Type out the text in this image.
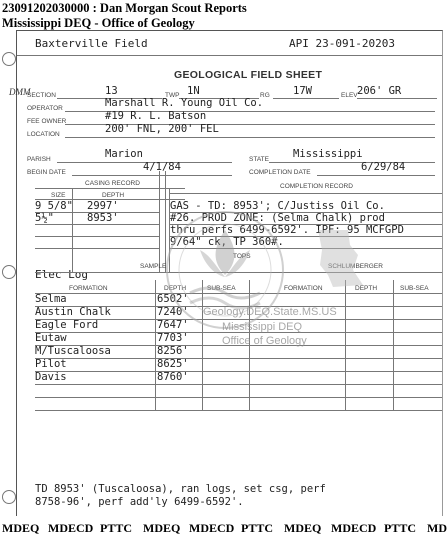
23091202030000 : Dan Morgan Scout Reports
Mississippi DEQ - Office of Geology
Baxterville Field	API 23-091-20203
DMM
GEOLOGICAL FIELD SHEET
SECTION	13	TWP 1N	RG 17W	ELEV 206' GR
OPERATOR	Marshall R. Young Oil Co.
FEE OWNER	#19 R. L. Batson
LOCATION	200' FNL, 200' FEL
PARISH	Marion	STATE Mississippi
BEGIN DATE	4/1/84	COMPLETION DATE	6/29/84
CASING RECORD	COMPLETION RECORD
SIZE	DEPTH
9 5/8" 2997'
5½"	8953'
GAS - TD: 8953'; C/Justiss Oil Co.
#26. PROD ZONE: (Selma Chalk) prod
thru perfs 6499-6592'. IPF: 95 MCFGPD
9/64" ck, TP 360#.
SAMPLE
TOPS
SCHLUMBERGER
Elec Log
FORMATION	DEPTH	SUB-SEA	FORMATION	DEPTH	SUB-SEA
Selma	6502'
Austin Chalk	7240'
Eagle Ford	7647'
Eutaw	7703'
M/Tuscaloosa	8256'
Pilot	8625'
Davis	8760'
TD 8953' (Tuscaloosa), ran logs, set csg, perf
8758-96', perf add'ly 6499-6592'.
Geology.DEQ.State.MS.US
Mississippi DEQ
Office of Geology
MDEQ MDECD PTTC MDEQ MDECD PTTC MDEQ MDECD PTTC MD
